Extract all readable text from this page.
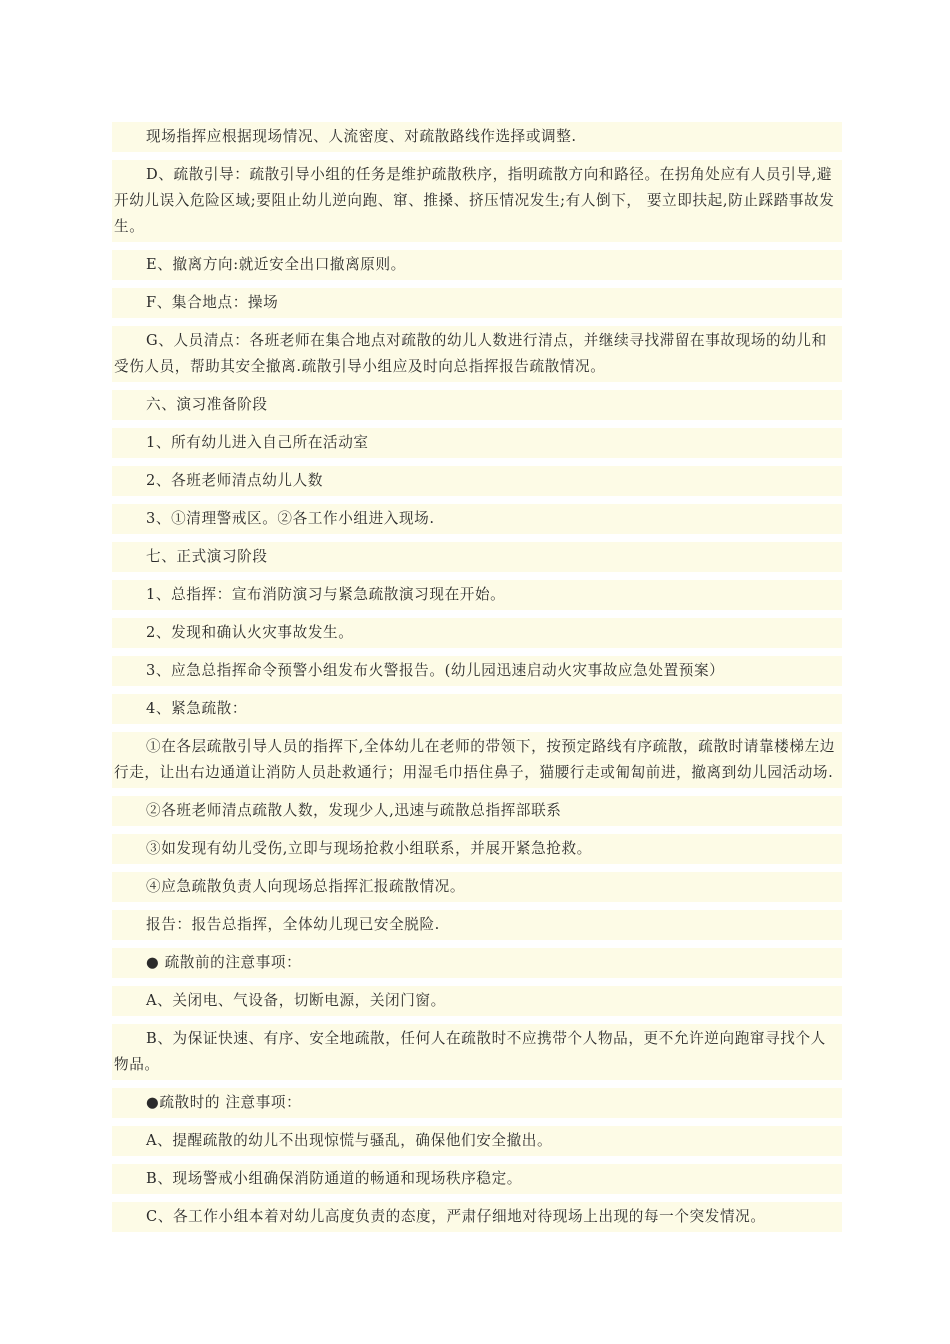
现场指挥应根据现场情况、人流密度、对疏散路线作选择或调整.

D、疏散引导：疏散引导小组的任务是维护疏散秩序，指明疏散方向和路径。在拐角处应有人员引导,避开幼儿误入危险区域;要阻止幼儿逆向跑、窜、推搡、挤压情况发生;有人倒下， 要立即扶起,防止踩踏事故发生。

E、撤离方向:就近安全出口撤离原则。

F、集合地点：操场

G、人员清点：各班老师在集合地点对疏散的幼儿人数进行清点，并继续寻找滞留在事故现场的幼儿和受伤人员，帮助其安全撤离.疏散引导小组应及时向总指挥报告疏散情况。

六、演习准备阶段

1、所有幼儿进入自己所在活动室

2、各班老师清点幼儿人数

3、①清理警戒区。②各工作小组进入现场.

七、正式演习阶段

1、总指挥：宣布消防演习与紧急疏散演习现在开始。

2、发现和确认火灾事故发生。

3、应急总指挥命令预警小组发布火警报告。(幼儿园迅速启动火灾事故应急处置预案）

4、紧急疏散：

①在各层疏散引导人员的指挥下,全体幼儿在老师的带领下，按预定路线有序疏散，疏散时请靠楼梯左边行走，让出右边通道让消防人员赴救通行；用湿毛巾捂住鼻子，猫腰行走或匍匐前进，撤离到幼儿园活动场.

②各班老师清点疏散人数，发现少人,迅速与疏散总指挥部联系

③如发现有幼儿受伤,立即与现场抢救小组联系，并展开紧急抢救。

④应急疏散负责人向现场总指挥汇报疏散情况。

报告：报告总指挥，全体幼儿现已安全脱险.

● 疏散前的注意事项：

A、关闭电、气设备，切断电源，关闭门窗。

B、为保证快速、有序、安全地疏散，任何人在疏散时不应携带个人物品，更不允许逆向跑窜寻找个人物品。

●疏散时的 注意事项：

A、提醒疏散的幼儿不出现惊慌与骚乱，确保他们安全撤出。

B、现场警戒小组确保消防通道的畅通和现场秩序稳定。

C、各工作小组本着对幼儿高度负责的态度，严肃仔细地对待现场上出现的每一个突发情况。
